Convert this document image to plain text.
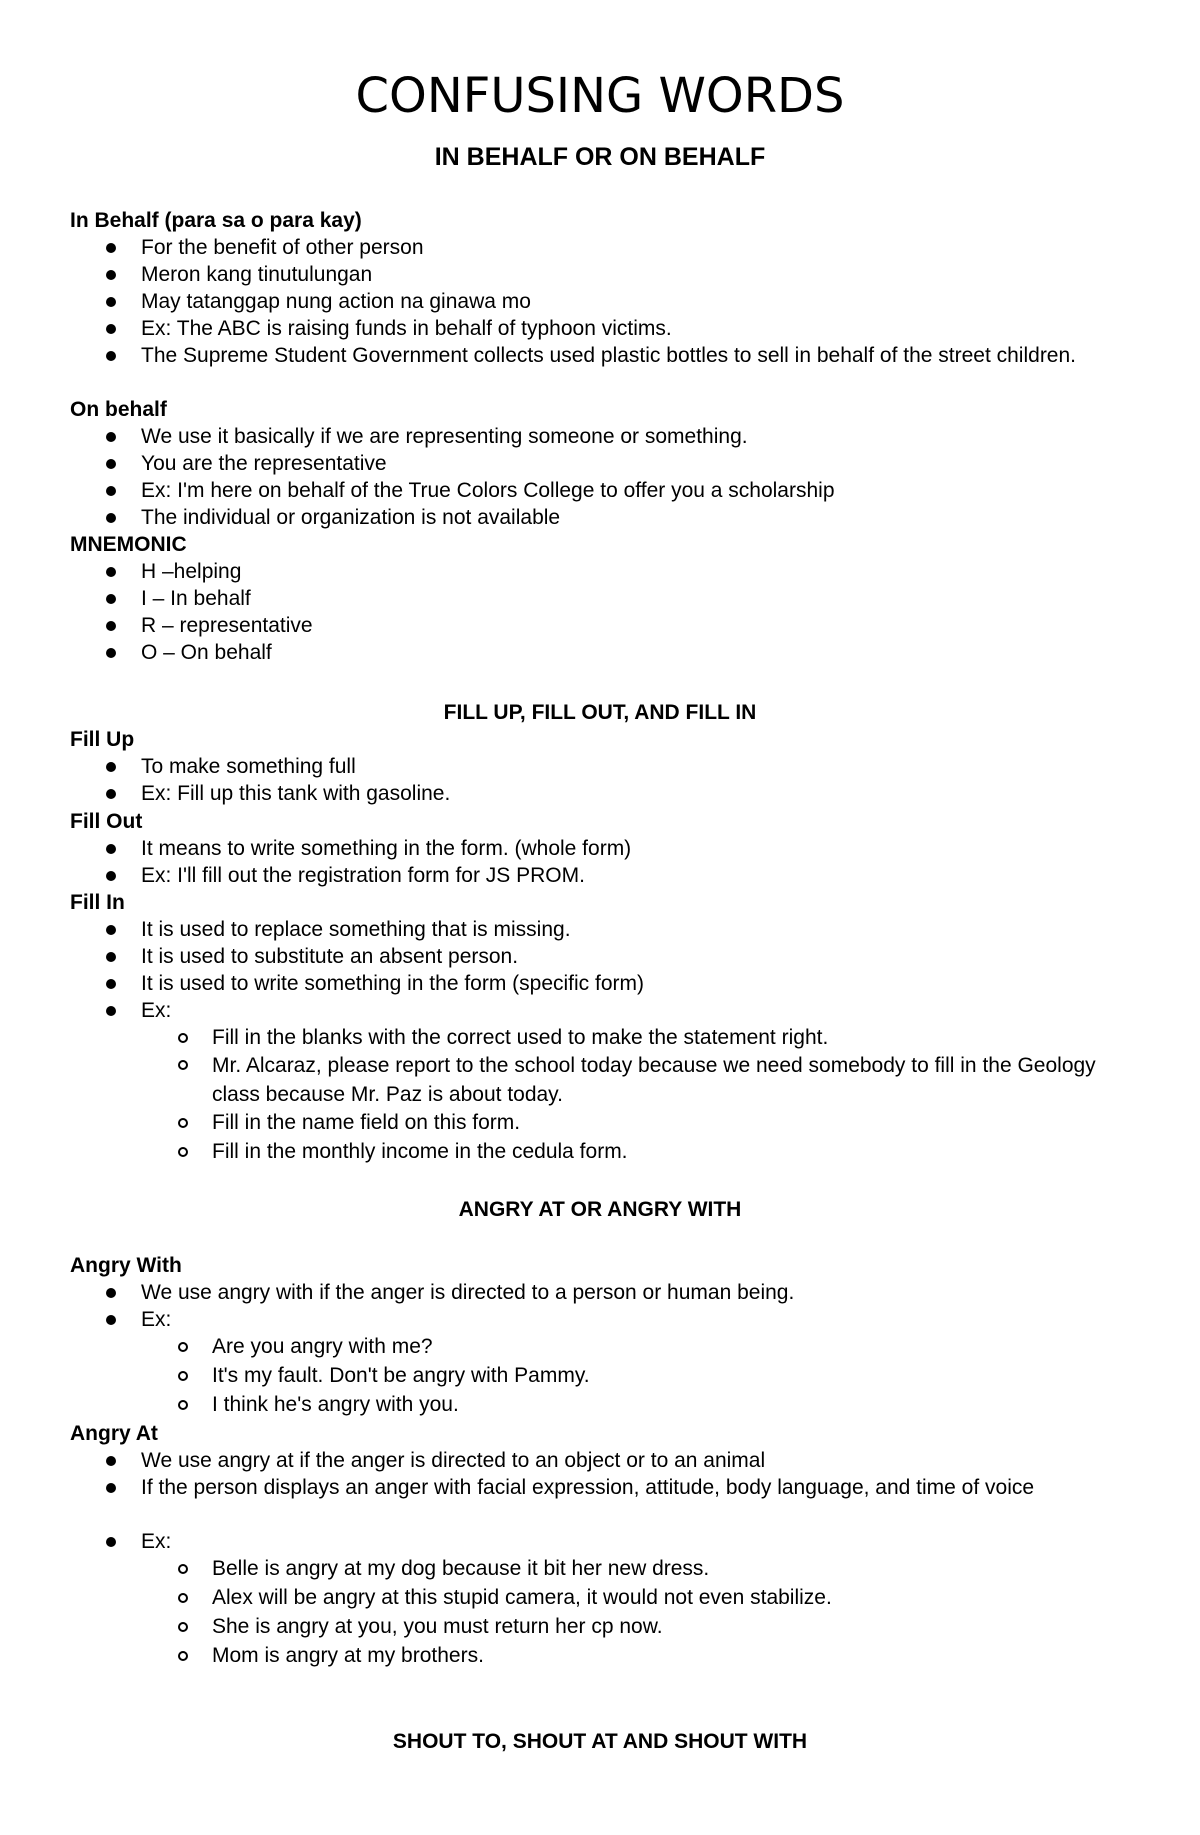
CONFUSING WORDS
IN BEHALF OR ON BEHALF
In Behalf (para sa o para kay)
For the benefit of other person
Meron kang tinutulungan
May tatanggap nung action na ginawa mo
Ex: The ABC is raising funds in behalf of typhoon victims.
The Supreme Student Government collects used plastic bottles to sell in behalf of the street children.
On behalf
We use it basically if we are representing someone or something.
You are the representative
Ex: I'm here on behalf of the True Colors College to offer you a scholarship
The individual or organization is not available
MNEMONIC
H –helping
I – In behalf
R – representative
O – On behalf
FILL UP, FILL OUT, AND FILL IN
Fill Up
To make something full
Ex: Fill up this tank with gasoline.
Fill Out
It means to write something in the form. (whole form)
Ex: I'll fill out the registration form for JS PROM.
Fill In
It is used to replace something that is missing.
It is used to substitute an absent person.
It is used to write something in the form (specific form)
Ex:
Fill in the blanks with the correct used to make the statement right.
Mr. Alcaraz, please report to the school today because we need somebody to fill in the Geology class because Mr. Paz is about today.
Fill in the name field on this form.
Fill in the monthly income in the cedula form.
ANGRY AT OR ANGRY WITH
Angry With
We use angry with if the anger is directed to a person or human being.
Ex:
Are you angry with me?
It's my fault. Don't be angry with Pammy.
I think he's angry with you.
Angry At
We use angry at if the anger is directed to an object or to an animal
If the person displays an anger with facial expression, attitude, body language, and time of voice
Ex:
Belle is angry at my dog because it bit her new dress.
Alex will be angry at this stupid camera, it would not even stabilize.
She is angry at you, you must return her cp now.
Mom is angry at my brothers.
SHOUT TO, SHOUT AT AND SHOUT WITH
